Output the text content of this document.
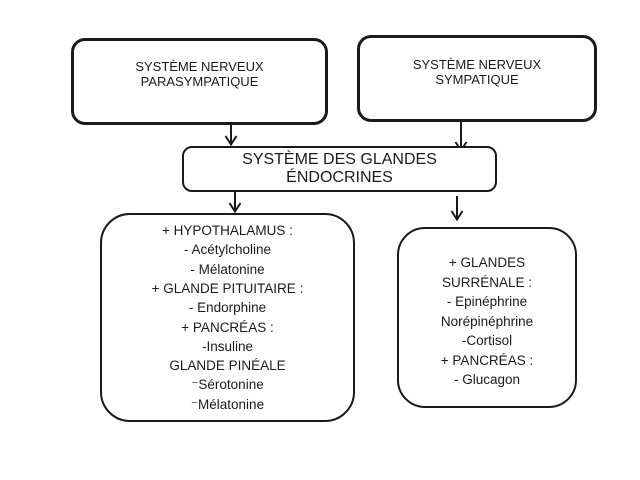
SYSTÈME NERVEUX
PARASYMPATIQUE
SYSTÈME NERVEUX
SYMPATIQUE
SYSTÈME DES GLANDES
ÉNDOCRINES
+ HYPOTHALAMUS :
- Acétylcholine
- Mélatonine
+ GLANDE PITUITAIRE :
- Endorphine
+ PANCRÉAS :
-Insuline
GLANDE PINÉALE
⁻Sérotonine
⁻Mélatonine
+ GLANDES
SURRÉNALE :
- Epinéphrine
Norépinéphrine
-Cortisol
+ PANCRÉAS :
- Glucagon
